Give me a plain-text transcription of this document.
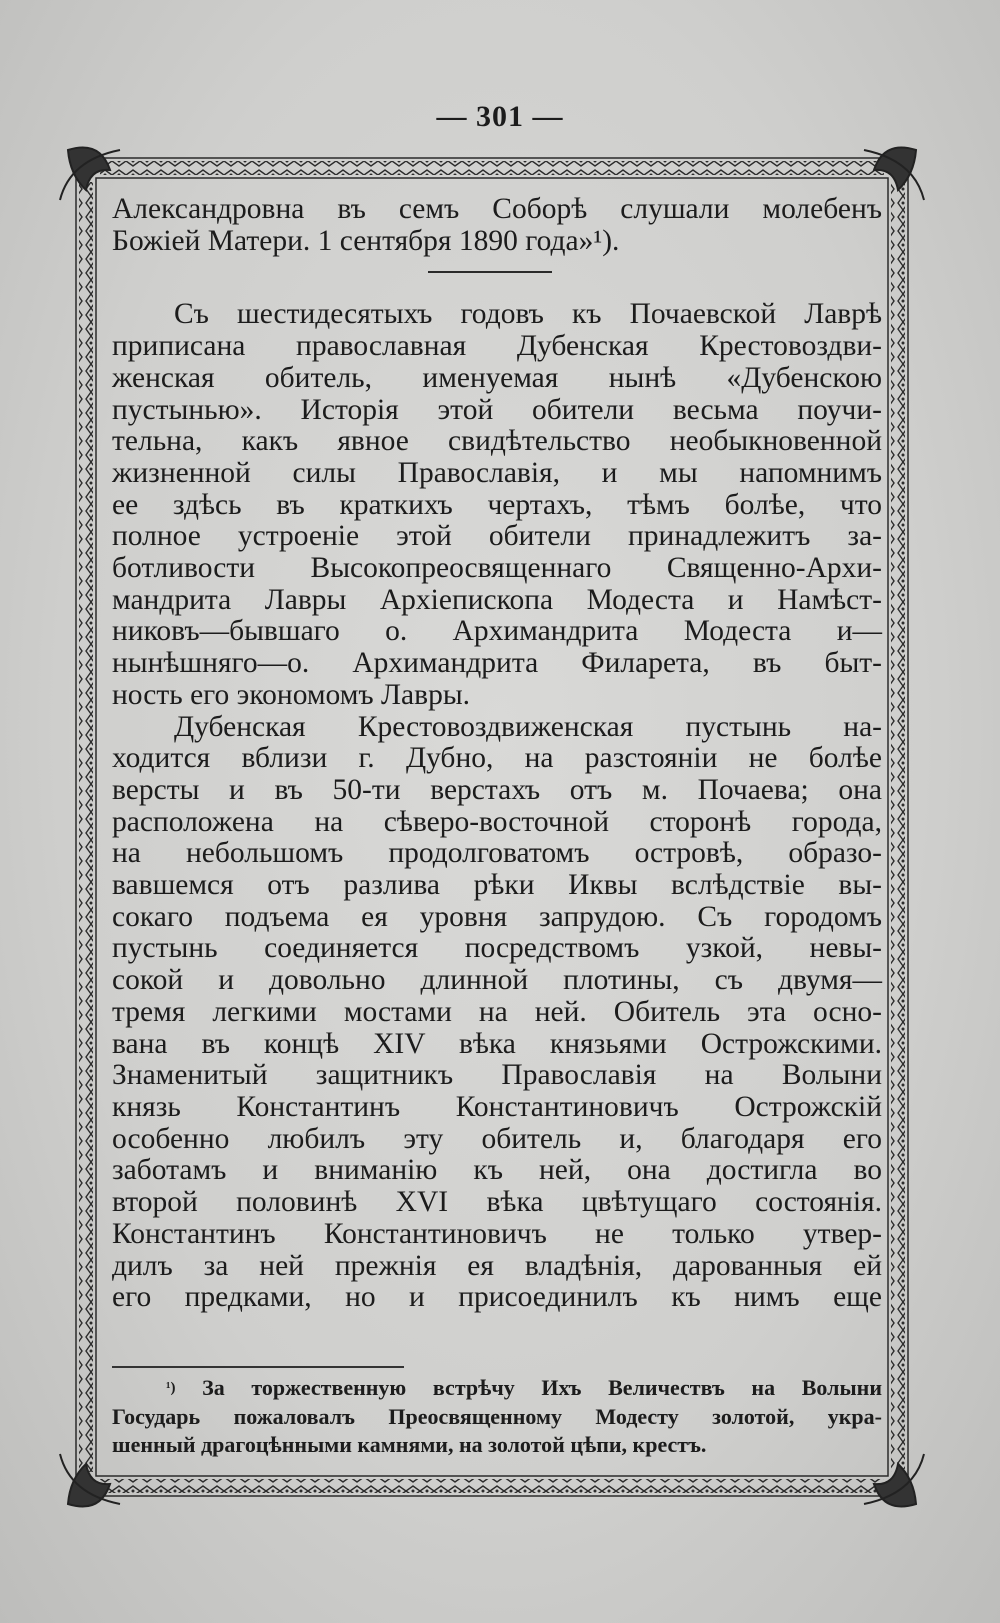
— 301 —
Александровна въ семъ Соборѣ слушали молебенъ
Божіей Матери. 1 сентября 1890 года»¹).
Съ шестидесятыхъ годовъ къ Почаевской Лаврѣ
приписана православная Дубенская Крестовоздви-
женская обитель, именуемая нынѣ «Дубенскою
пустынью». Исторія этой обители весьма поучи-
тельна, какъ явное свидѣтельство необыкновенной
жизненной силы Православія, и мы напомнимъ
ее здѣсь въ краткихъ чертахъ, тѣмъ болѣе, что
полное устроеніе этой обители принадлежитъ за-
ботливости Высокопреосвященнаго Священно-Архи-
мандрита Лавры Архіепископа Модеста и Намѣст-
никовъ—бывшаго о. Архимандрита Модеста и—
нынѣшняго—о. Архимандрита Филарета, въ быт-
ность его экономомъ Лавры.
Дубенская Крестовоздвиженская пустынь на-
ходится вблизи г. Дубно, на разстояніи не болѣе
версты и въ 50-ти верстахъ отъ м. Почаева; она
расположена на сѣверо-восточной сторонѣ города,
на небольшомъ продолговатомъ островѣ, образо-
вавшемся отъ разлива рѣки Иквы вслѣдствіе вы-
сокаго подъема ея уровня запрудою. Съ городомъ
пустынь соединяется посредствомъ узкой, невы-
сокой и довольно длинной плотины, съ двумя—
тремя легкими мостами на ней. Обитель эта осно-
вана въ концѣ XIV вѣка князьями Острожскими.
Знаменитый защитникъ Православія на Волыни
князь Константинъ Константиновичъ Острожскій
особенно любилъ эту обитель и, благодаря его
заботамъ и вниманію къ ней, она достигла во
второй половинѣ XVI вѣка цвѣтущаго состоянія.
Константинъ Константиновичъ не только утвер-
дилъ за ней прежнія ея владѣнія, дарованныя ей
его предками, но и присоединилъ къ нимъ еще
$^{^1)}$ За торжественную встрѣчу Ихъ Величествъ на Волыни
Государь пожаловалъ Преосвященному Модесту золотой, укра-
шенный драгоцѣнными камнями, на золотой цѣпи, крестъ.
